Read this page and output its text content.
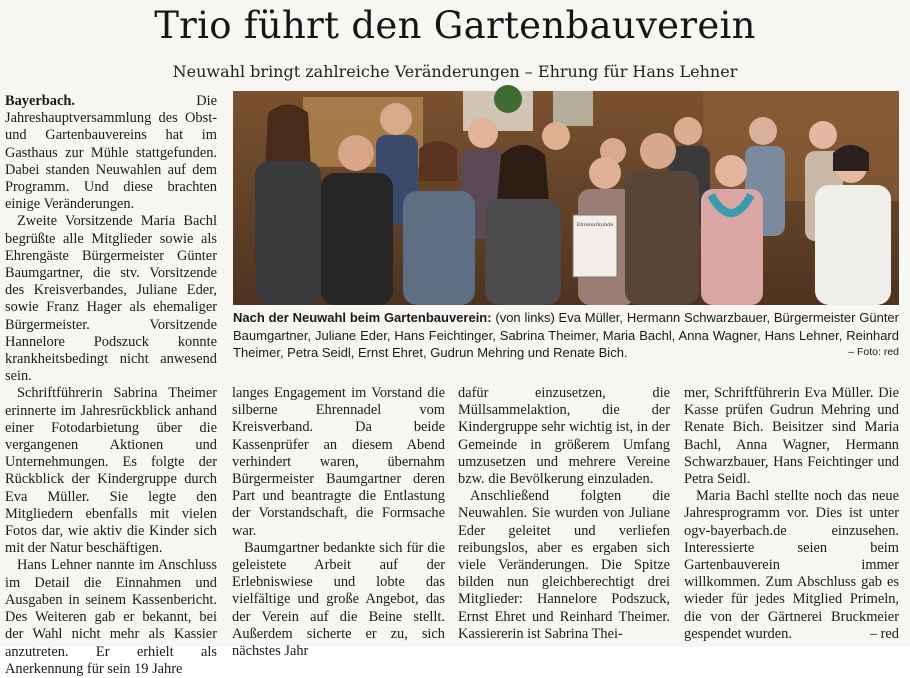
Trio führt den Gartenbauverein
Neuwahl bringt zahlreiche Veränderungen – Ehrung für Hans Lehner

Bayerbach.	Die Jahreshauptversammlung des Obst- und Gartenbauvereins hat im Gasthaus zur Mühle stattgefunden. Dabei standen Neuwahlen auf dem Programm. Und diese brachten einige Veränderungen.

Zweite Vorsitzende Maria Bachl begrüßte alle Mitglieder sowie als Ehrengäste Bürgermeister Günter Baumgartner, die stv. Vorsitzende des Kreisverbandes, Juliane Eder, sowie Franz Hager als ehemaliger Bürgermeister. Vorsitzende Hannelore Podszuck konnte krankheitsbedingt nicht anwesend sein.

Schriftführerin Sabrina Theimer erinnerte im Jahresrückblick anhand einer Fotodarbietung über die vergangenen Aktionen und Unternehmungen. Es folgte der Rückblick der Kindergruppe durch Eva Müller. Sie legte den Mitgliedern ebenfalls mit vielen Fotos dar, wie aktiv die Kinder sich mit der Natur beschäftigen.

Hans Lehner nannte im Anschluss im Detail die Einnahmen und Ausgaben in seinem Kassenbericht. Des Weiteren gab er bekannt, bei der Wahl nicht mehr als Kassier anzutreten. Er erhielt als Anerkennung für sein 19 Jahre

Ehrenurkunde
Nach der Neuwahl beim Gartenbauverein: (von links) Eva Müller, Hermann Schwarzbauer, Bürgermeister Günter Baumgartner, Juliane Eder, Hans Feichtinger, Sabrina Theimer, Maria Bachl, Anna Wagner, Hans Lehner, Reinhard Theimer, Petra Seidl, Ernst Ehret, Gudrun Mehring und Renate Bich.	– Foto: red

langes Engagement im Vorstand die silberne Ehrennadel vom Kreisverband. Da beide Kassenprüfer an diesem Abend verhindert waren, übernahm Bürgermeister Baumgartner deren Part und beantragte die Entlastung der Vorstandschaft, die Formsache war.

Baumgartner bedankte sich für die geleistete Arbeit auf der Erlebniswiese und lobte das vielfältige und große Angebot, das der Verein auf die Beine stellt. Außerdem sicherte er zu, sich nächstes Jahr

dafür einzusetzen, die Müllsammelaktion, die der Kindergruppe sehr wichtig ist, in der Gemeinde in größerem Umfang umzusetzen und mehrere Vereine bzw. die Bevölkerung einzuladen.

Anschließend folgten die Neuwahlen. Sie wurden von Juliane Eder geleitet und verliefen reibungslos, aber es ergaben sich viele Veränderungen. Die Spitze bilden nun gleichberechtigt drei Mitglieder: Hannelore Podszuck, Ernst Ehret und Reinhard Theimer. Kassiererin ist Sabrina Thei-

mer, Schriftführerin Eva Müller. Die Kasse prüfen Gudrun Mehring und Renate Bich. Beisitzer sind Maria Bachl, Anna Wagner, Hermann Schwarzbauer, Hans Feichtinger und Petra Seidl.

Maria Bachl stellte noch das neue Jahresprogramm vor. Dies ist unter ogv-bayerbach.de einzusehen. Interessierte seien beim Gartenbauverein immer willkommen. Zum Abschluss gab es wieder für jedes Mitglied Primeln, die von der Gärtnerei Bruckmeier gespendet wurden.	– red
